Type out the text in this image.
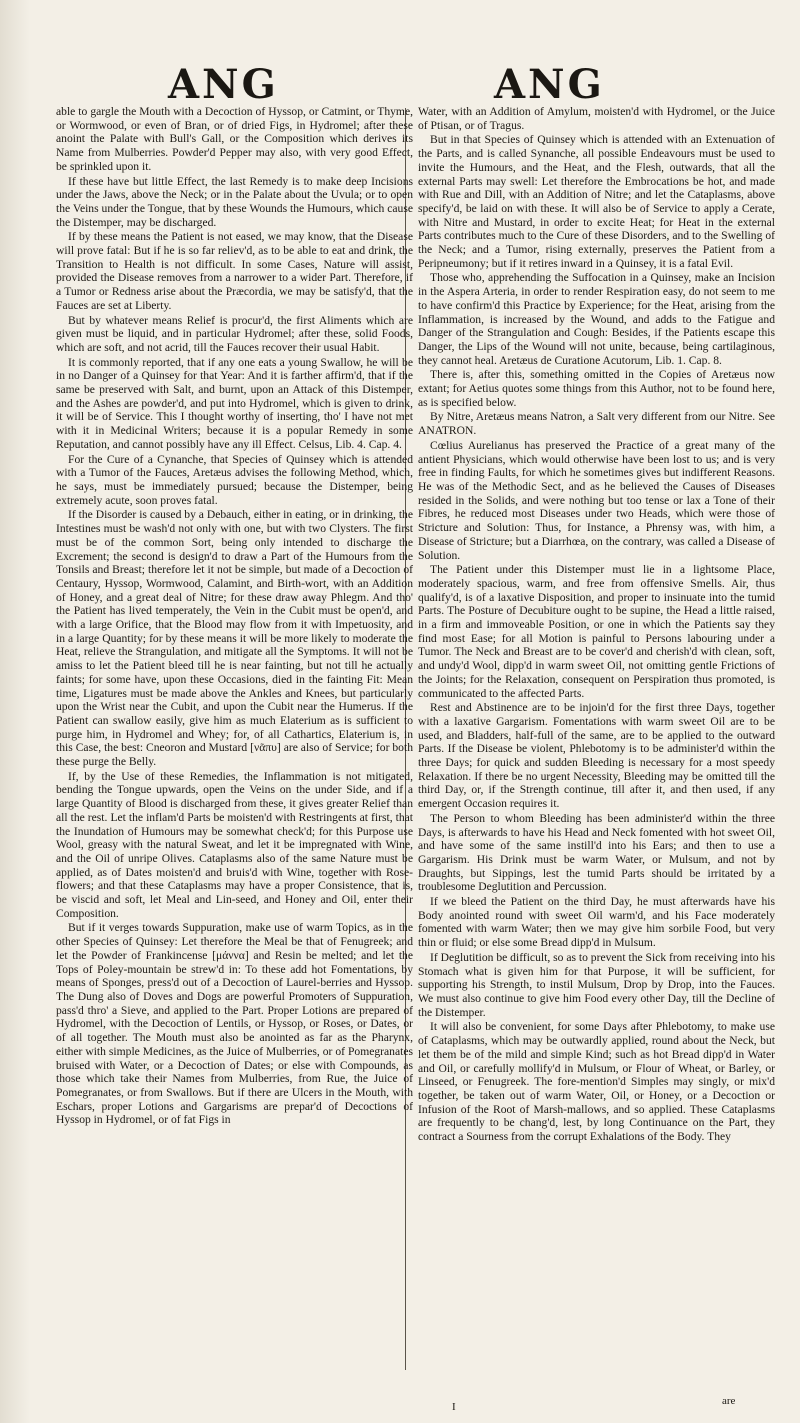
ANG	ANG

able to gargle the Mouth with a Decoction of Hyssop, or Catmint, or Thyme, or Wormwood, or even of Bran, or of dried Figs, in Hydromel; after these anoint the Palate with Bull's Gall, or the Composition which derives its Name from Mulberries. Powder'd Pepper may also, with very good Effect, be sprinkled upon it.

If these have but little Effect, the last Remedy is to make deep Incisions under the Jaws, above the Neck; or in the Palate about the Uvula; or to open the Veins under the Tongue, that by these Wounds the Humours, which cause the Distemper, may be discharged.

If by these means the Patient is not eased, we may know, that the Disease will prove fatal: But if he is so far reliev'd, as to be able to eat and drink, the Transition to Health is not difficult. In some Cases, Nature will assist, provided the Disease removes from a narrower to a wider Part. Therefore, if a Tumor or Redness arise about the Præcordia, we may be satisfy'd, that the Fauces are set at Liberty.

But by whatever means Relief is procur'd, the first Aliments which are given must be liquid, and in particular Hydromel; after these, solid Foods, which are soft, and not acrid, till the Fauces recover their usual Habit.

It is commonly reported, that if any one eats a young Swallow, he will be in no Danger of a Quinsey for that Year: And it is farther affirm'd, that if the same be preserved with Salt, and burnt, upon an Attack of this Distemper, and the Ashes are powder'd, and put into Hydromel, which is given to drink, it will be of Service. This I thought worthy of inserting, tho' I have not met with it in Medicinal Writers; because it is a popular Remedy in some Reputation, and cannot possibly have any ill Effect. Celsus, Lib. 4. Cap. 4.

For the Cure of a Cynanche, that Species of Quinsey which is attended with a Tumor of the Fauces, Aretæus advises the following Method, which, he says, must be immediately pursued; because the Distemper, being extremely acute, soon proves fatal.

If the Disorder is caused by a Debauch, either in eating, or in drinking, the Intestines must be wash'd not only with one, but with two Clysters. The first must be of the common Sort, being only intended to discharge the Excrement; the second is design'd to draw a Part of the Humours from the Tonsils and Breast; therefore let it not be simple, but made of a Decoction of Centaury, Hyssop, Wormwood, Calamint, and Birth-wort, with an Addition of Honey, and a great deal of Nitre; for these draw away Phlegm. And tho' the Patient has lived temperately, the Vein in the Cubit must be open'd, and with a large Orifice, that the Blood may flow from it with Impetuosity, and in a large Quantity; for by these means it will be more likely to moderate the Heat, relieve the Strangulation, and mitigate all the Symptoms. It will not be amiss to let the Patient bleed till he is near fainting, but not till he actually faints; for some have, upon these Occasions, died in the fainting Fit: Mean time, Ligatures must be made above the Ankles and Knees, but particularly upon the Wrist near the Cubit, and upon the Cubit near the Humerus. If the Patient can swallow easily, give him as much Elaterium as is sufficient to purge him, in Hydromel and Whey; for, of all Cathartics, Elaterium is, in this Case, the best: Cneoron and Mustard [νᾶπυ] are also of Service; for both these purge the Belly.

If, by the Use of these Remedies, the Inflammation is not mitigated, bending the Tongue upwards, open the Veins on the under Side, and if a large Quantity of Blood is discharged from these, it gives greater Relief than all the rest. Let the inflam'd Parts be moisten'd with Restringents at first, that the Inundation of Humours may be somewhat check'd; for this Purpose use Wool, greasy with the natural Sweat, and let it be impregnated with Wine, and the Oil of unripe Olives. Cataplasms also of the same Nature must be applied, as of Dates moisten'd and bruis'd with Wine, together with Rose-flowers; and that these Cataplasms may have a proper Consistence, that is, be viscid and soft, let Meal and Lin-seed, and Honey and Oil, enter their Composition.

But if it verges towards Suppuration, make use of warm Topics, as in the other Species of Quinsey: Let therefore the Meal be that of Fenugreek; and let the Powder of Frankincense [μάννα] and Resin be melted; and let the Tops of Poley-mountain be strew'd in: To these add hot Fomentations, by means of Sponges, press'd out of a Decoction of Laurel-berries and Hyssop. The Dung also of Doves and Dogs are powerful Promoters of Suppuration, pass'd thro' a Sieve, and applied to the Part. Proper Lotions are prepared of Hydromel, with the Decoction of Lentils, or Hyssop, or Roses, or Dates, or of all together. The Mouth must also be anointed as far as the Pharynx, either with simple Medicines, as the Juice of Mulberries, or of Pomegranates bruised with Water, or a Decoction of Dates; or else with Compounds, as those which take their Names from Mulberries, from Rue, the Juice of Pomegranates, or from Swallows. But if there are Ulcers in the Mouth, with Eschars, proper Lotions and Gargarisms are prepar'd of Decoctions of Hyssop in Hydromel, or of fat Figs in

Water, with an Addition of Amylum, moisten'd with Hydromel, or the Juice of Ptisan, or of Tragus.

But in that Species of Quinsey which is attended with an Extenuation of the Parts, and is called Synanche, all possible Endeavours must be used to invite the Humours, and the Heat, and the Flesh, outwards, that all the external Parts may swell: Let therefore the Embrocations be hot, and made with Rue and Dill, with an Addition of Nitre; and let the Cataplasms, above specify'd, be laid on with these. It will also be of Service to apply a Cerate, with Nitre and Mustard, in order to excite Heat; for Heat in the external Parts contributes much to the Cure of these Disorders, and to the Swelling of the Neck; and a Tumor, rising externally, preserves the Patient from a Peripneumony; but if it retires inward in a Quinsey, it is a fatal Evil.

Those who, apprehending the Suffocation in a Quinsey, make an Incision in the Aspera Arteria, in order to render Respiration easy, do not seem to me to have confirm'd this Practice by Experience; for the Heat, arising from the Inflammation, is increased by the Wound, and adds to the Fatigue and Danger of the Strangulation and Cough: Besides, if the Patients escape this Danger, the Lips of the Wound will not unite, because, being cartilaginous, they cannot heal. Aretæus de Curatione Acutorum, Lib. 1. Cap. 8.

There is, after this, something omitted in the Copies of Aretæus now extant; for Aetius quotes some things from this Author, not to be found here, as is specified below.

By Nitre, Aretæus means Natron, a Salt very different from our Nitre. See ANATRON.

Cœlius Aurelianus has preserved the Practice of a great many of the antient Physicians, which would otherwise have been lost to us; and is very free in finding Faults, for which he sometimes gives but indifferent Reasons. He was of the Methodic Sect, and as he believed the Causes of Diseases resided in the Solids, and were nothing but too tense or lax a Tone of their Fibres, he reduced most Diseases under two Heads, which were those of Stricture and Solution: Thus, for Instance, a Phrensy was, with him, a Disease of Stricture; but a Diarrhœa, on the contrary, was called a Disease of Solution.

The Patient under this Distemper must lie in a lightsome Place, moderately spacious, warm, and free from offensive Smells. Air, thus qualify'd, is of a laxative Disposition, and proper to insinuate into the tumid Parts. The Posture of Decubiture ought to be supine, the Head a little raised, in a firm and immoveable Position, or one in which the Patients say they find most Ease; for all Motion is painful to Persons labouring under a Tumor. The Neck and Breast are to be cover'd and cherish'd with clean, soft, and undy'd Wool, dipp'd in warm sweet Oil, not omitting gentle Frictions of the Joints; for the Relaxation, consequent on Perspiration thus promoted, is communicated to the affected Parts.

Rest and Abstinence are to be injoin'd for the first three Days, together with a laxative Gargarism. Fomentations with warm sweet Oil are to be used, and Bladders, half-full of the same, are to be applied to the outward Parts. If the Disease be violent, Phlebotomy is to be administer'd within the three Days; for quick and sudden Bleeding is necessary for a most speedy Relaxation. If there be no urgent Necessity, Bleeding may be omitted till the third Day, or, if the Strength continue, till after it, and then used, if any emergent Occasion requires it.

The Person to whom Bleeding has been administer'd within the three Days, is afterwards to have his Head and Neck fomented with hot sweet Oil, and have some of the same instill'd into his Ears; and then to use a Gargarism. His Drink must be warm Water, or Mulsum, and not by Draughts, but Sippings, lest the tumid Parts should be irritated by a troublesome Deglutition and Percussion.

If we bleed the Patient on the third Day, he must afterwards have his Body anointed round with sweet Oil warm'd, and his Face moderately fomented with warm Water; then we may give him sorbile Food, but very thin or fluid; or else some Bread dipp'd in Mulsum.

If Deglutition be difficult, so as to prevent the Sick from receiving into his Stomach what is given him for that Purpose, it will be sufficient, for supporting his Strength, to instil Mulsum, Drop by Drop, into the Fauces. We must also continue to give him Food every other Day, till the Decline of the Distemper.

It will also be convenient, for some Days after Phlebotomy, to make use of Cataplasms, which may be outwardly applied, round about the Neck, but let them be of the mild and simple Kind; such as hot Bread dipp'd in Water and Oil, or carefully mollify'd in Mulsum, or Flour of Wheat, or Barley, or Linseed, or Fenugreek. The fore-mention'd Simples may singly, or mix'd together, be taken out of warm Water, Oil, or Honey, or a Decoction or Infusion of the Root of Marsh-mallows, and so applied. These Cataplasms are frequently to be chang'd, lest, by long Continuance on the Part, they contract a Sourness from the corrupt Exhalations of the Body. They

I	are
